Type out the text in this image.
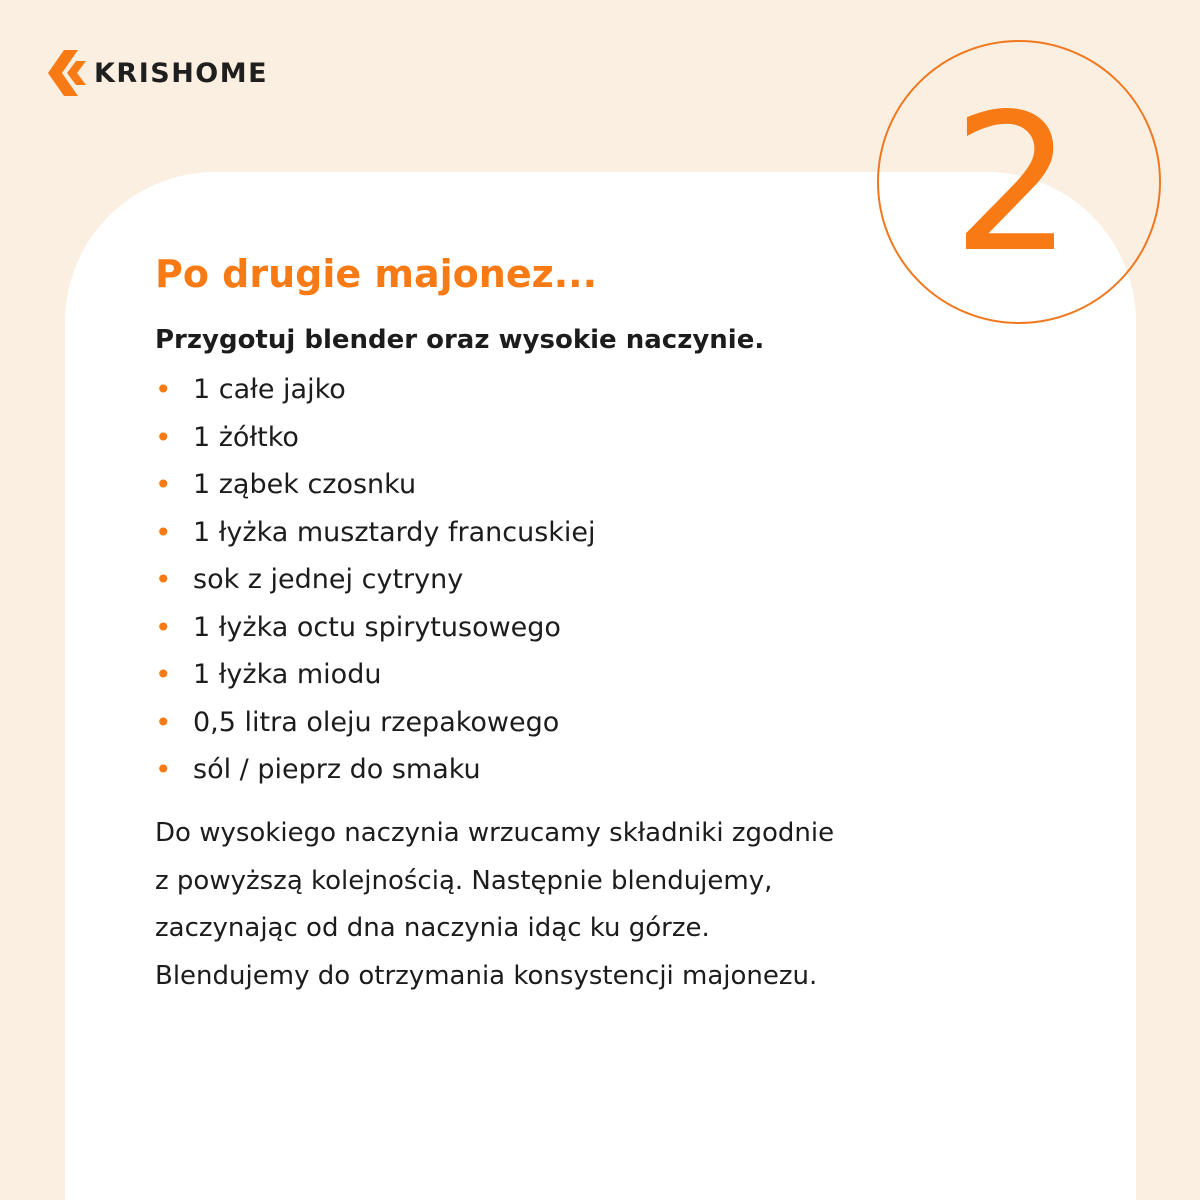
KRISHOME	2
Po drugie majonez...
Przygotuj blender oraz wysokie naczynie.
• 1 całe jajko
• 1 żółtko
• 1 ząbek czosnku
• 1 łyżka musztardy francuskiej
• sok z jednej cytryny
• 1 łyżka octu spirytusowego
• 1 łyżka miodu
• 0,5 litra oleju rzepakowego
• sól / pieprz do smaku

Do wysokiego naczynia wrzucamy składniki zgodnie

z powyższą kolejnością. Następnie blendujemy,

zaczynając od dna naczynia idąc ku górze.

Blendujemy do otrzymania konsystencji majonezu.
